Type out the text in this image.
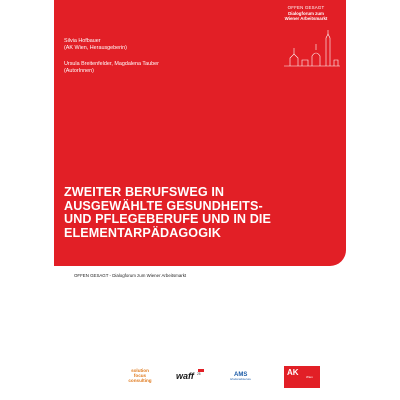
OFFEN GESAGT
Dialogforum zum
Wiener Arbeitsmarkt
Silvia Hofbauer
(AK Wien, Herausgeberin)
Ursula Breitenfelder, Magdalena Tauber
(AutorInnen)
ZWEITER BERUFSWEG IN
AUSGEWÄHLTE GESUNDHEITS-
UND PFLEGEBERUFE UND IN DIE
ELEMENTARPÄDAGOGIK
OFFEN GESAGT - Dialogforum zum Wiener Arbeitsmarkt
solution
focus
consulting	waff 25	AMS
Arbeitsmarktservice
AK Wien
